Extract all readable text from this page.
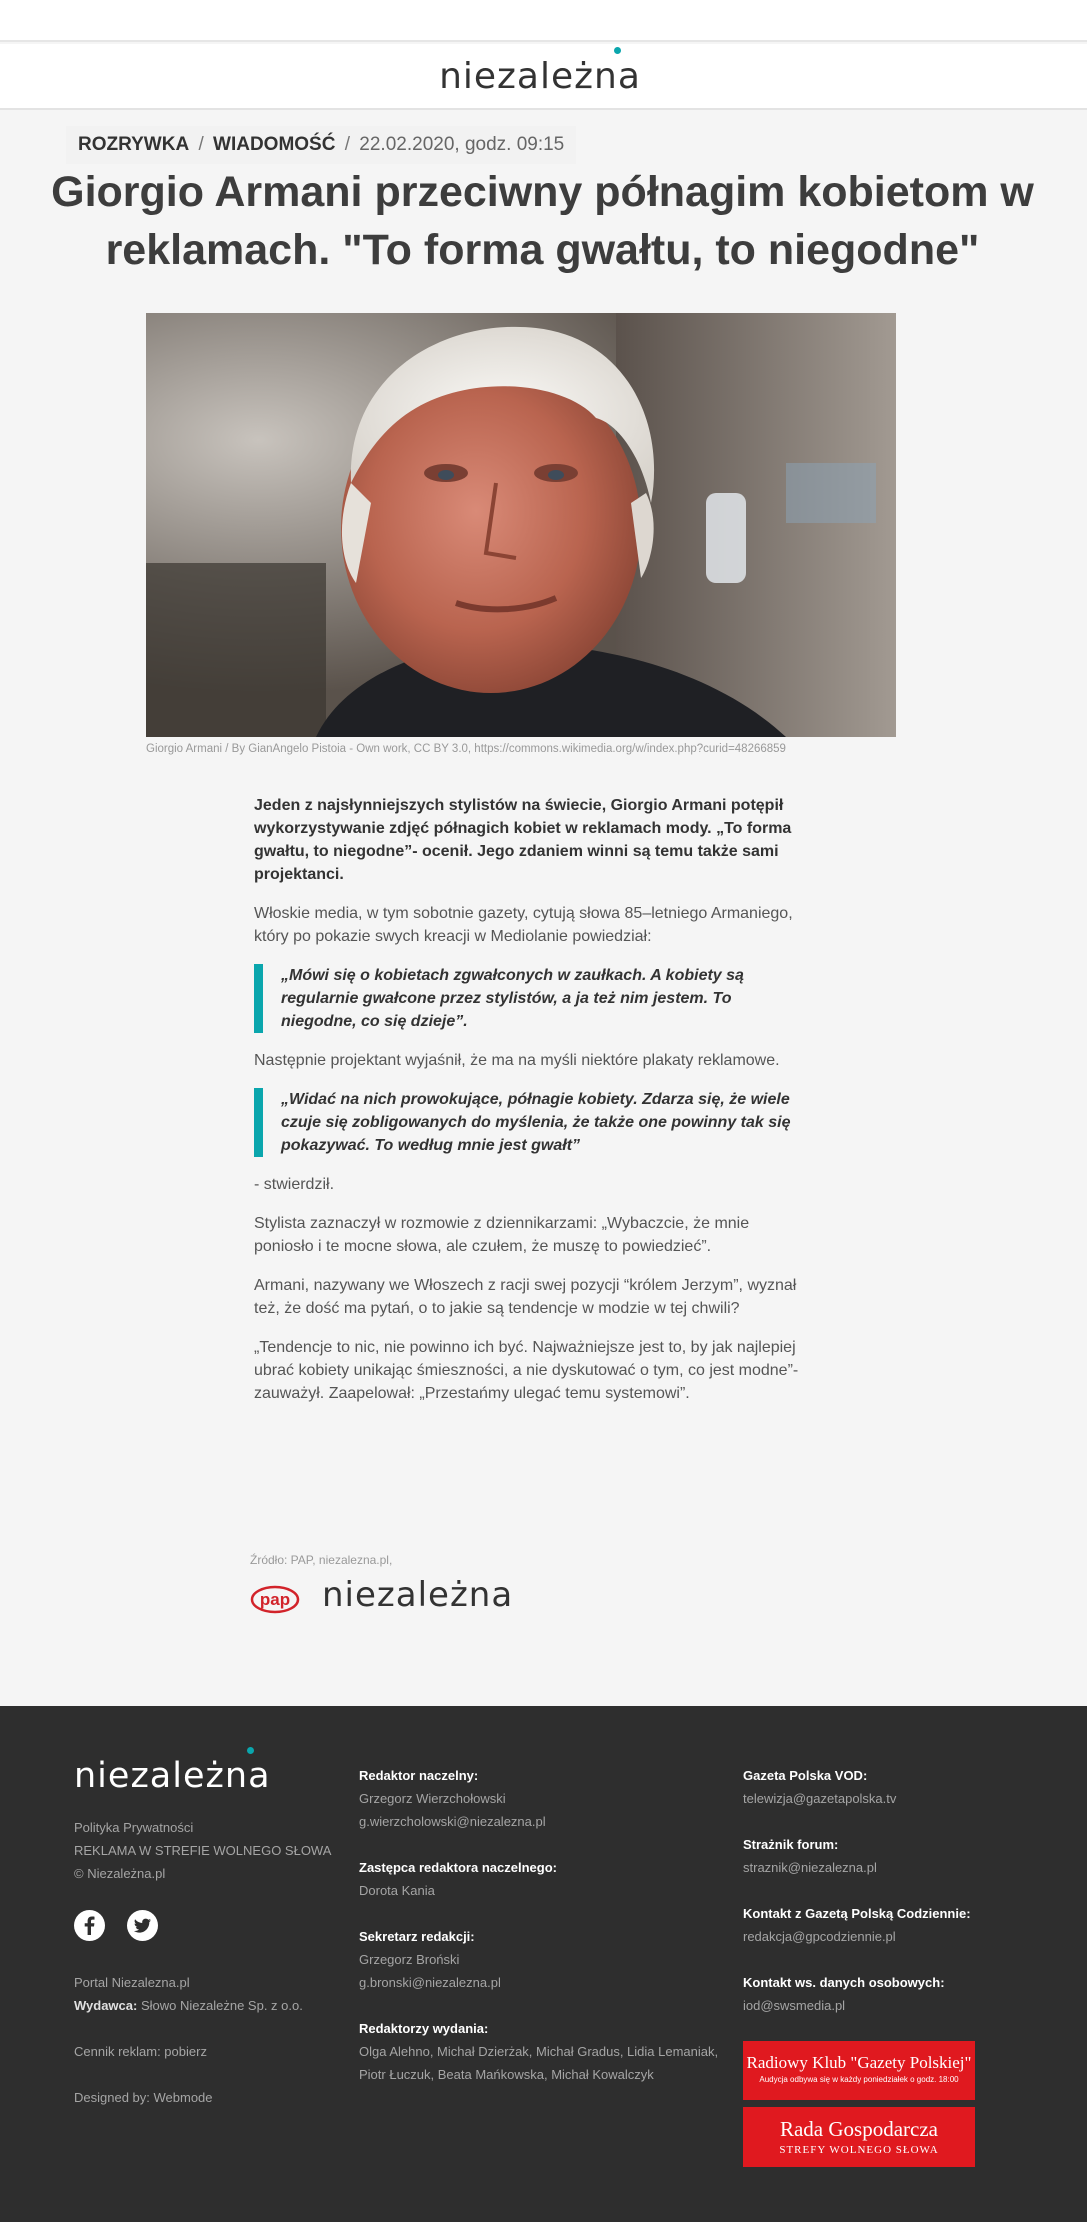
niezależna
ROZRYWKA / WIADOMOŚĆ / 22.02.2020, godz. 09:15
Giorgio Armani przeciwny półnagim kobietom w reklamach. "To forma gwałtu, to niegodne"
Giorgio Armani / By GianAngelo Pistoia - Own work, CC BY 3.0, https://commons.wikimedia.org/w/index.php?curid=48266859

Jeden z najsłynniejszych stylistów na świecie, Giorgio Armani potępił wykorzystywanie zdjęć półnagich kobiet w reklamach mody. „To forma gwałtu, to niegodne”- ocenił. Jego zdaniem winni są temu także sami projektanci.

Włoskie media, w tym sobotnie gazety, cytują słowa 85–letniego Armaniego, który po pokazie swych kreacji w Mediolanie powiedział:

„Mówi się o kobietach zgwałconych w zaułkach. A kobiety są regularnie gwałcone przez stylistów, a ja też nim jestem. To niegodne, co się dzieje”.

Następnie projektant wyjaśnił, że ma na myśli niektóre plakaty reklamowe.

„Widać na nich prowokujące, półnagie kobiety. Zdarza się, że wiele czuje się zobligowanych do myślenia, że także one powinny tak się pokazywać. To według mnie jest gwałt”

- stwierdził.

Stylista zaznaczył w rozmowie z dziennikarzami: „Wybaczcie, że mnie poniosło i te mocne słowa, ale czułem, że muszę to powiedzieć”.

Armani, nazywany we Włoszech z racji swej pozycji “królem Jerzym”, wyznał też, że dość ma pytań, o to jakie są tendencje w modzie w tej chwili?

„Tendencje to nic, nie powinno ich być. Najważniejsze jest to, by jak najlepiej ubrać kobiety unikając śmieszności, a nie dyskutować o tym, co jest modne”- zauważył. Zaapelował: „Przestańmy ulegać temu systemowi”.

Źródło: PAP, niezalezna.pl,
pap niezależna
niezależna
Polityka Prywatności
REKLAMA W STREFIE WOLNEGO SŁOWA
© Niezależna.pl

Portal Niezalezna.pl
Wydawca: Słowo Niezależne Sp. z o.o.
Cennik reklam: pobierz
Designed by: Webmode
Redaktor naczelny:
Grzegorz Wierzchołowski
g.wierzcholowski@niezalezna.pl
Zastępca redaktora naczelnego:
Dorota Kania
Sekretarz redakcji:
Grzegorz Broński
g.bronski@niezalezna.pl
Redaktorzy wydania:
Olga Alehno, Michał Dzierżak, Michał Gradus, Lidia Lemaniak, Piotr Łuczuk, Beata Mańkowska, Michał Kowalczyk
Gazeta Polska VOD:
telewizja@gazetapolska.tv
Strażnik forum:
straznik@niezalezna.pl
Kontakt z Gazetą Polską Codziennie:
redakcja@gpcodziennie.pl
Kontakt ws. danych osobowych:
iod@swsmedia.pl
Radiowy Klub "Gazety Polskiej"
Audycja odbywa się w każdy poniedziałek o godz. 18:00
Rada Gospodarcza
STREFY WOLNEGO SŁOWA
